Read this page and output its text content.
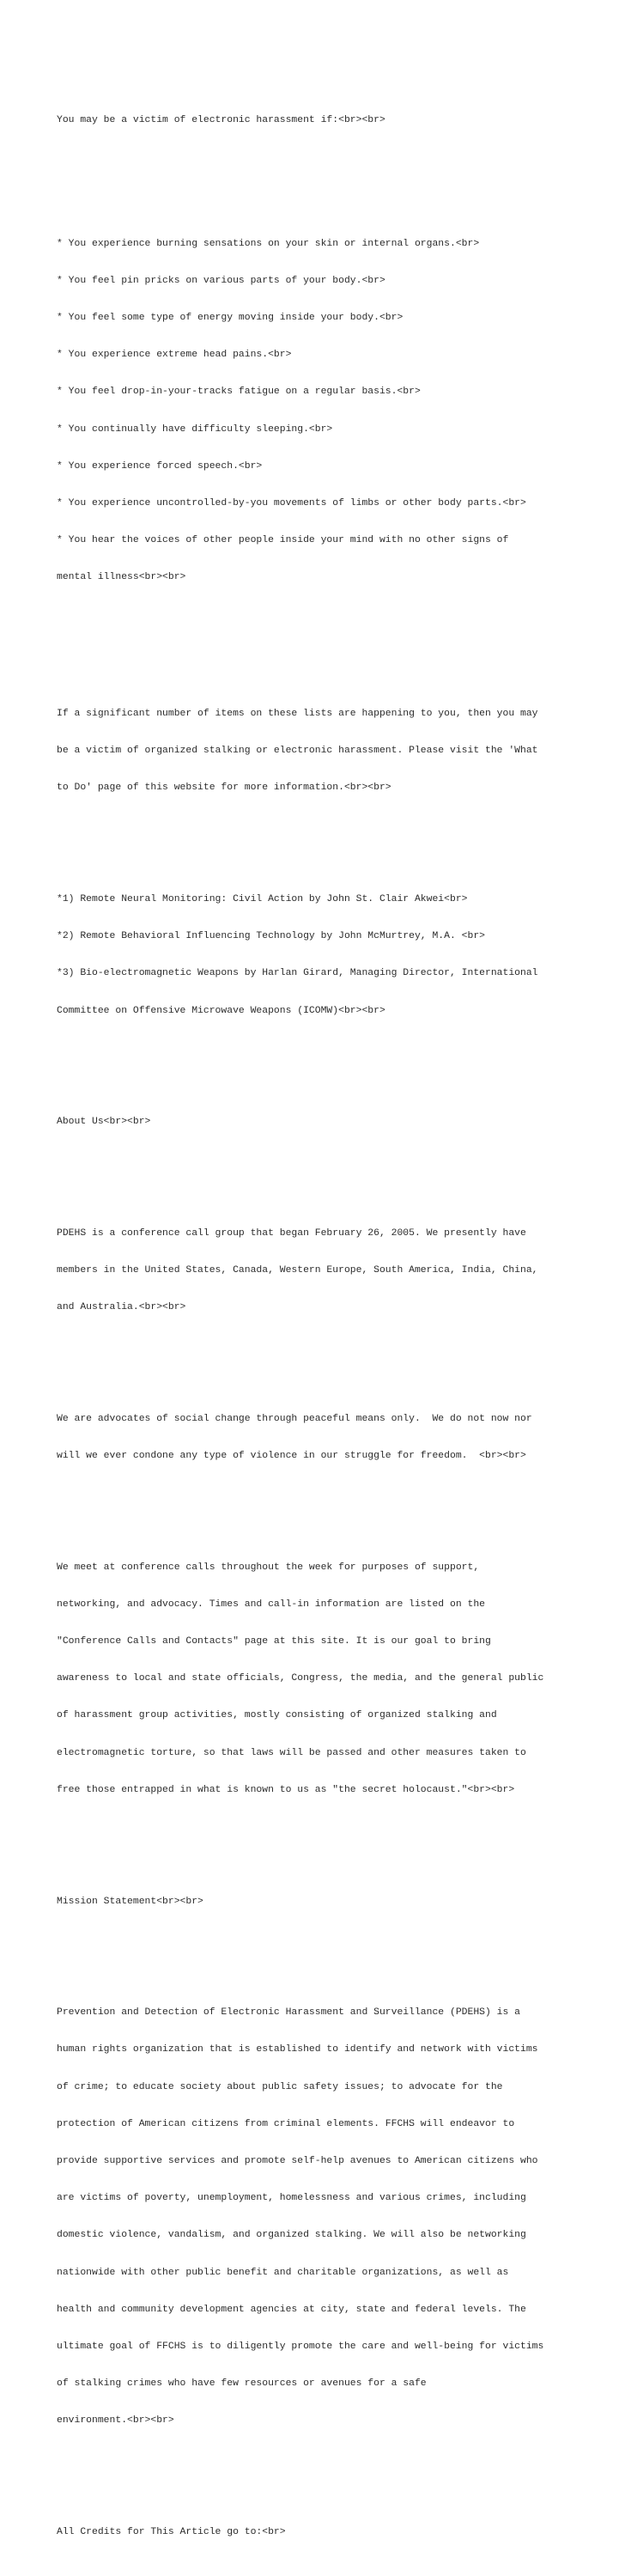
You may be a victim of electronic harassment if:<br><br>

* You experience burning sensations on your skin or internal organs.<br>

* You feel pin pricks on various parts of your body.<br>

* You feel some type of energy moving inside your body.<br>

* You experience extreme head pains.<br>

* You feel drop-in-your-tracks fatigue on a regular basis.<br>

* You continually have difficulty sleeping.<br>

* You experience forced speech.<br>

* You experience uncontrolled-by-you movements of limbs or other body parts.<br>

* You hear the voices of other people inside your mind with no other signs of

mental illness<br><br>

If a significant number of items on these lists are happening to you, then you may

be a victim of organized stalking or electronic harassment. Please visit the 'What

to Do' page of this website for more information.<br><br>

*1) Remote Neural Monitoring: Civil Action by John St. Clair Akwei<br>

*2) Remote Behavioral Influencing Technology by John McMurtrey, M.A. <br>

*3) Bio-electromagnetic Weapons by Harlan Girard, Managing Director, International

Committee on Offensive Microwave Weapons (ICOMW)<br><br>

About Us<br><br>

PDEHS is a conference call group that began February 26, 2005. We presently have

members in the United States, Canada, Western Europe, South America, India, China,

and Australia.<br><br>

We are advocates of social change through peaceful means only.  We do not now nor

will we ever condone any type of violence in our struggle for freedom.  <br><br>

We meet at conference calls throughout the week for purposes of support,

networking, and advocacy. Times and call-in information are listed on the

"Conference Calls and Contacts" page at this site. It is our goal to bring

awareness to local and state officials, Congress, the media, and the general public

of harassment group activities, mostly consisting of organized stalking and

electromagnetic torture, so that laws will be passed and other measures taken to

free those entrapped in what is known to us as "the secret holocaust."<br><br>

Mission Statement<br><br>

Prevention and Detection of Electronic Harassment and Surveillance (PDEHS) is a

human rights organization that is established to identify and network with victims

of crime; to educate society about public safety issues; to advocate for the

protection of American citizens from criminal elements. FFCHS will endeavor to

provide supportive services and promote self-help avenues to American citizens who

are victims of poverty, unemployment, homelessness and various crimes, including

domestic violence, vandalism, and organized stalking. We will also be networking

nationwide with other public benefit and charitable organizations, as well as

health and community development agencies at city, state and federal levels. The

ultimate goal of FFCHS is to diligently promote the care and well-being for victims

of stalking crimes who have few resources or avenues for a safe

environment.<br><br>

All Credits for This Article go to:<br>
